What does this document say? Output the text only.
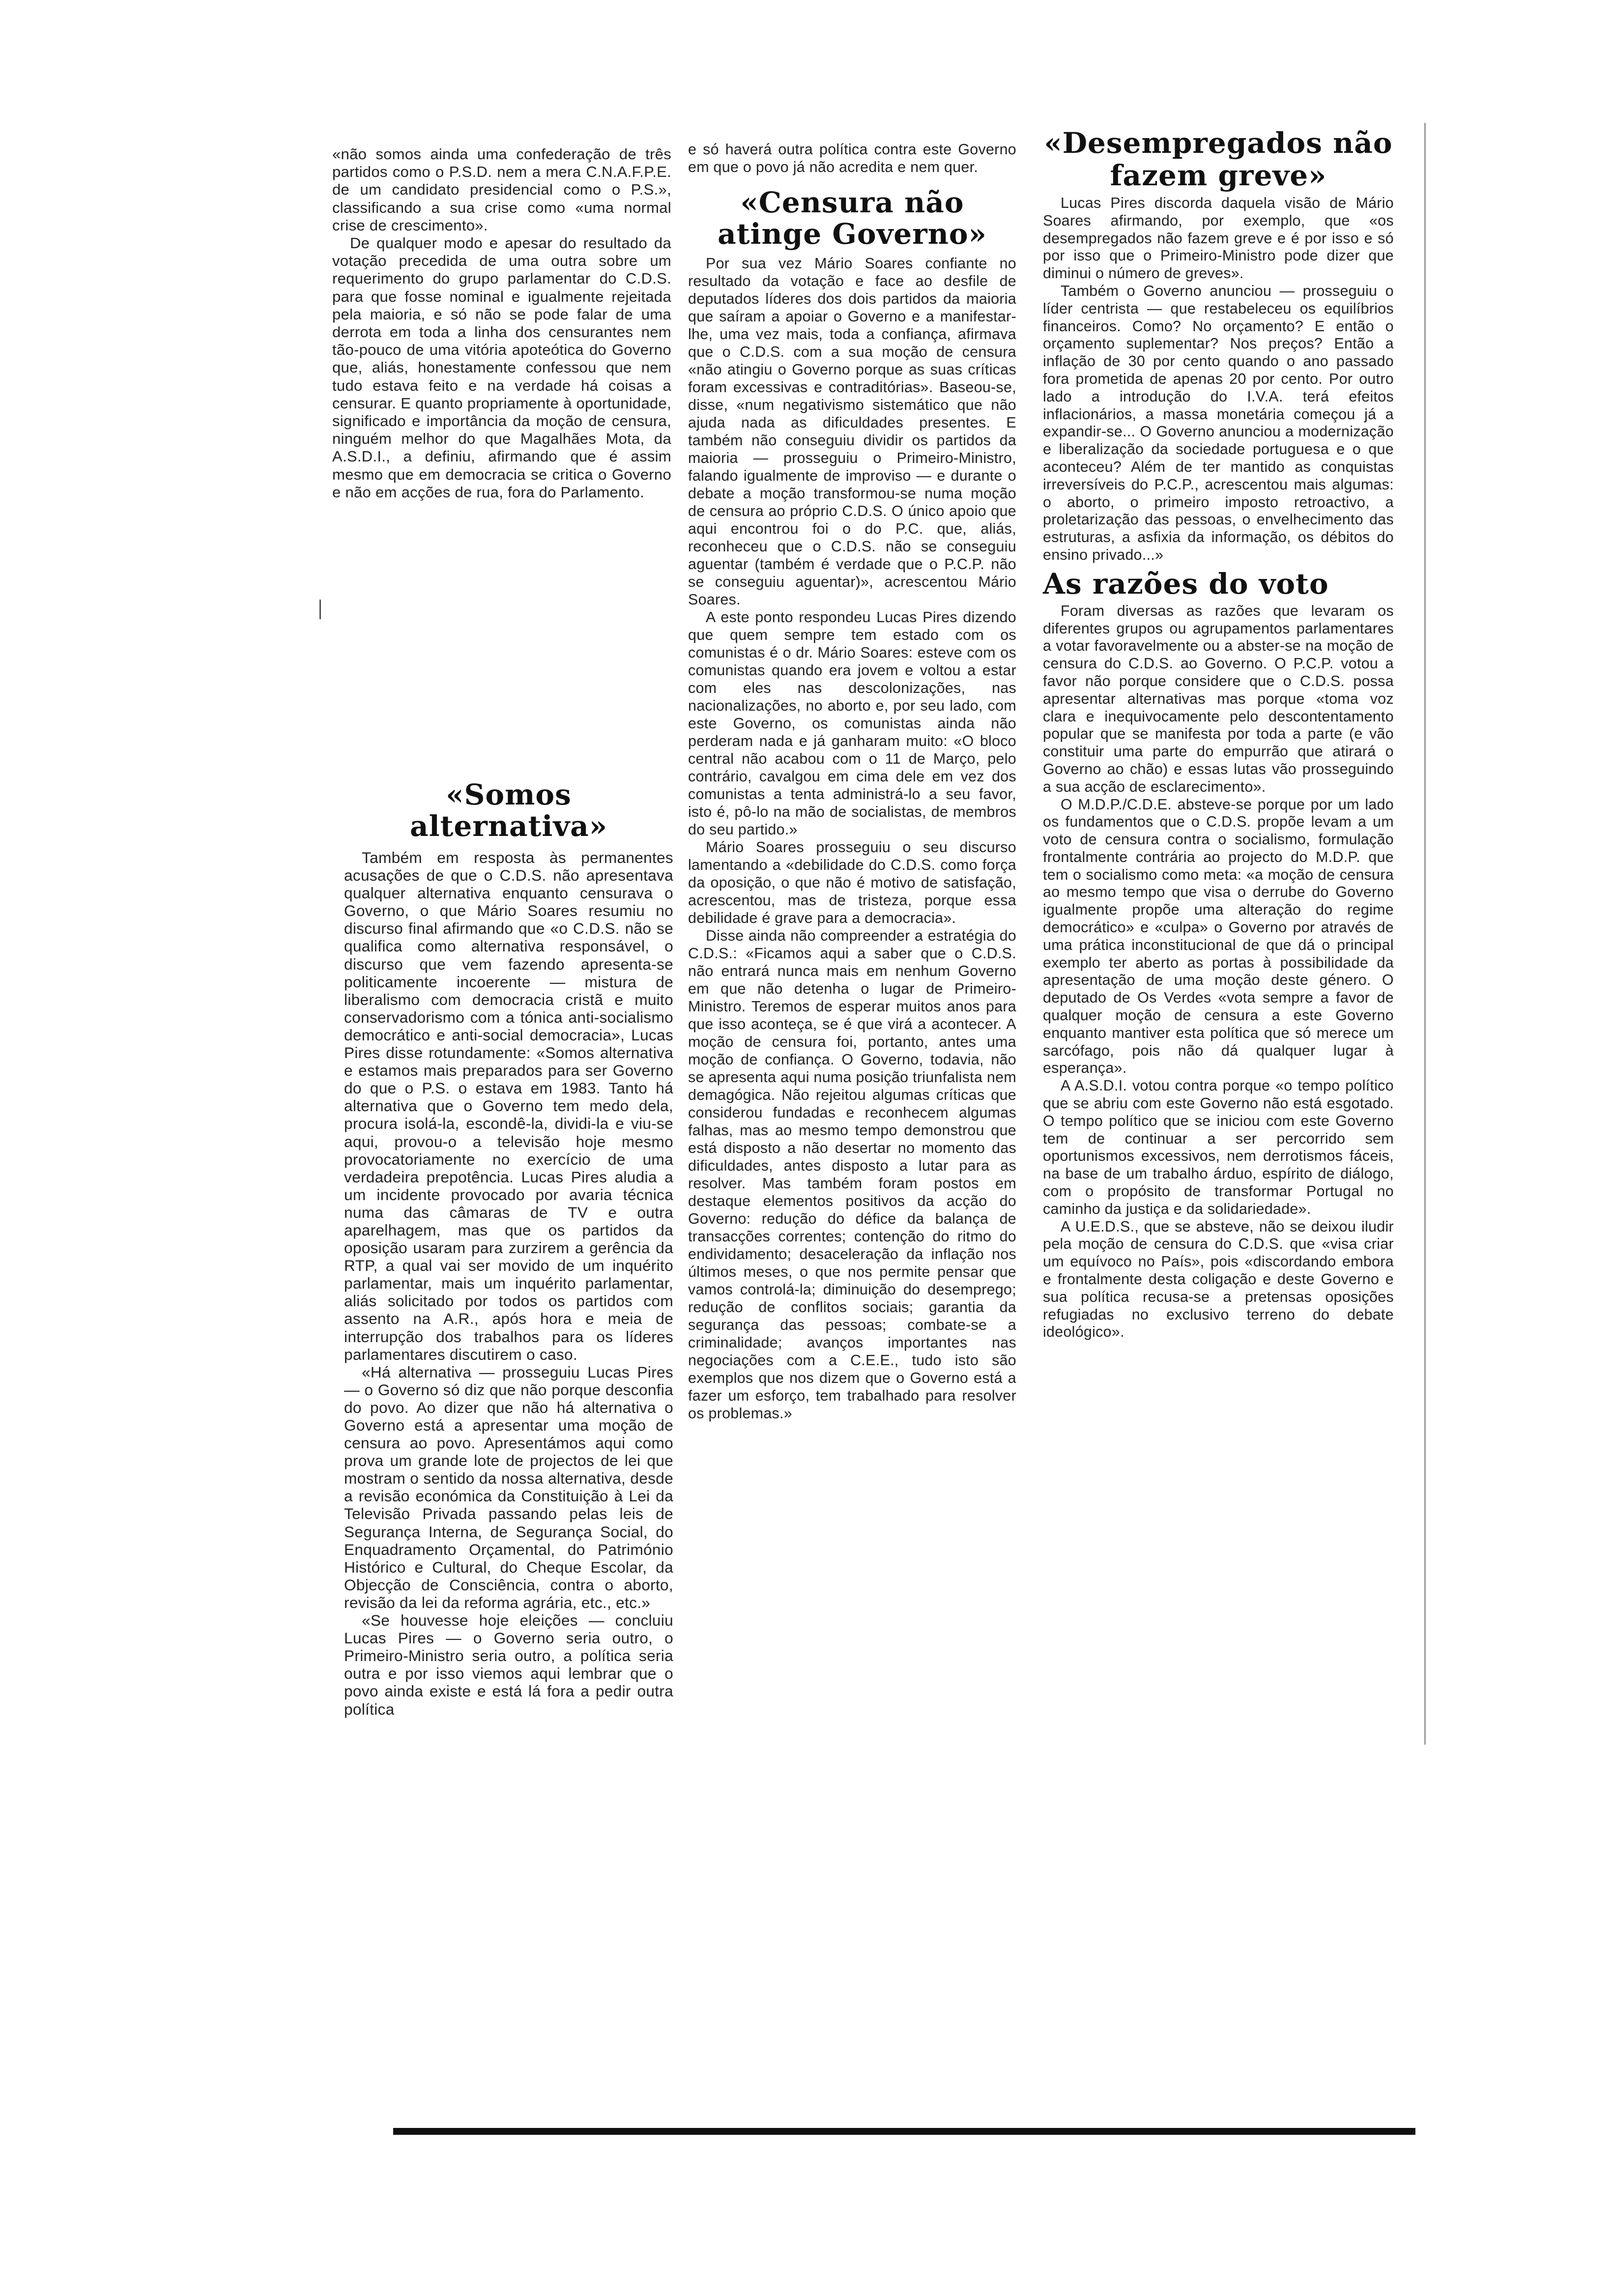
«não somos ainda uma confederação de três partidos como o P.S.D. nem a mera C.N.A.F.P.E. de um candidato presidencial como o P.S.», classificando a sua crise como «uma normal crise de crescimento».

De qualquer modo e apesar do resultado da votação precedida de uma outra sobre um requerimento do grupo parlamentar do C.D.S. para que fosse nominal e igualmente rejeitada pela maioria, e só não se pode falar de uma derrota em toda a linha dos censurantes nem tão-pouco de uma vitória apoteótica do Governo que, aliás, honestamente confessou que nem tudo estava feito e na verdade há coisas a censurar. E quanto propriamente à oportunidade, significado e importância da moção de censura, ninguém melhor do que Magalhães Mota, da A.S.D.I., a definiu, afirmando que é assim mesmo que em democracia se critica o Governo e não em acções de rua, fora do Parlamento.

«Somos alternativa»

Também em resposta às permanentes acusações de que o C.D.S. não apresentava qualquer alternativa enquanto censurava o Governo, o que Mário Soares resumiu no discurso final afirmando que «o C.D.S. não se qualifica como alternativa responsável, o discurso que vem fazendo apresenta-se politicamente incoerente — mistura de liberalismo com democracia cristã e muito conservadorismo com a tónica anti-socialismo democrático e anti-social democracia», Lucas Pires disse rotundamente: «Somos alternativa e estamos mais preparados para ser Governo do que o P.S. o estava em 1983. Tanto há alternativa que o Governo tem medo dela, procura isolá-la, escondê-la, dividi-la e viu-se aqui, provou-o a televisão hoje mesmo provocatoriamente no exercício de uma verdadeira prepotência. Lucas Pires aludia a um incidente provocado por avaria técnica numa das câmaras de TV e outra aparelhagem, mas que os partidos da oposição usaram para zurzirem a gerência da RTP, a qual vai ser movido de um inquérito parlamentar, mais um inquérito parlamentar, aliás solicitado por todos os partidos com assento na A.R., após hora e meia de interrupção dos trabalhos para os líderes parlamentares discutirem o caso.

«Há alternativa — prosseguiu Lucas Pires — o Governo só diz que não porque desconfia do povo. Ao dizer que não há alternativa o Governo está a apresentar uma moção de censura ao povo. Apresentámos aqui como prova um grande lote de projectos de lei que mostram o sentido da nossa alternativa, desde a revisão económica da Constituição à Lei da Televisão Privada passando pelas leis de Segurança Interna, de Segurança Social, do Enquadramento Orçamental, do Património Histórico e Cultural, do Cheque Escolar, da Objecção de Consciência, contra o aborto, revisão da lei da reforma agrária, etc., etc.»

«Se houvesse hoje eleições — concluiu Lucas Pires — o Governo seria outro, o Primeiro-Ministro seria outro, a política seria outra e por isso viemos aqui lembrar que o povo ainda existe e está lá fora a pedir outra política

e só haverá outra política contra este Governo em que o povo já não acredita e nem quer.

«Censura não atinge Governo»

Por sua vez Mário Soares confiante no resultado da votação e face ao desfile de deputados líderes dos dois partidos da maioria que saíram a apoiar o Governo e a manifestar-lhe, uma vez mais, toda a confiança, afirmava que o C.D.S. com a sua moção de censura «não atingiu o Governo porque as suas críticas foram excessivas e contraditórias». Baseou-se, disse, «num negativismo sistemático que não ajuda nada as dificuldades presentes. E também não conseguiu dividir os partidos da maioria — prosseguiu o Primeiro-Ministro, falando igualmente de improviso — e durante o debate a moção transformou-se numa moção de censura ao próprio C.D.S. O único apoio que aqui encontrou foi o do P.C. que, aliás, reconheceu que o C.D.S. não se conseguiu aguentar (também é verdade que o P.C.P. não se conseguiu aguentar)», acrescentou Mário Soares.

A este ponto respondeu Lucas Pires dizendo que quem sempre tem estado com os comunistas é o dr. Mário Soares: esteve com os comunistas quando era jovem e voltou a estar com eles nas descolonizações, nas nacionalizações, no aborto e, por seu lado, com este Governo, os comunistas ainda não perderam nada e já ganharam muito: «O bloco central não acabou com o 11 de Março, pelo contrário, cavalgou em cima dele em vez dos comunistas a tenta administrá-lo a seu favor, isto é, pô-lo na mão de socialistas, de membros do seu partido.»

Mário Soares prosseguiu o seu discurso lamentando a «debilidade do C.D.S. como força da oposição, o que não é motivo de satisfação, acrescentou, mas de tristeza, porque essa debilidade é grave para a democracia».

Disse ainda não compreender a estratégia do C.D.S.: «Ficamos aqui a saber que o C.D.S. não entrará nunca mais em nenhum Governo em que não detenha o lugar de Primeiro-Ministro. Teremos de esperar muitos anos para que isso aconteça, se é que virá a acontecer. A moção de censura foi, portanto, antes uma moção de confiança. O Governo, todavia, não se apresenta aqui numa posição triunfalista nem demagógica. Não rejeitou algumas críticas que considerou fundadas e reconhecem algumas falhas, mas ao mesmo tempo demonstrou que está disposto a não desertar no momento das dificuldades, antes disposto a lutar para as resolver. Mas também foram postos em destaque elementos positivos da acção do Governo: redução do défice da balança de transacções correntes; contenção do ritmo do endividamento; desaceleração da inflação nos últimos meses, o que nos permite pensar que vamos controlá-la; diminuição do desemprego; redução de conflitos sociais; garantia da segurança das pessoas; combate-se a criminalidade; avanços importantes nas negociações com a C.E.E., tudo isto são exemplos que nos dizem que o Governo está a fazer um esforço, tem trabalhado para resolver os problemas.»

«Desempregados não fazem greve»

Lucas Pires discorda daquela visão de Mário Soares afirmando, por exemplo, que «os desempregados não fazem greve e é por isso e só por isso que o Primeiro-Ministro pode dizer que diminui o número de greves».

Também o Governo anunciou — prosseguiu o líder centrista — que restabeleceu os equilíbrios financeiros. Como? No orçamento? E então o orçamento suplementar? Nos preços? Então a inflação de 30 por cento quando o ano passado fora prometida de apenas 20 por cento. Por outro lado a introdução do I.V.A. terá efeitos inflacionários, a massa monetária começou já a expandir-se... O Governo anunciou a modernização e liberalização da sociedade portuguesa e o que aconteceu? Além de ter mantido as conquistas irreversíveis do P.C.P., acrescentou mais algumas: o aborto, o primeiro imposto retroactivo, a proletarização das pessoas, o envelhecimento das estruturas, a asfixia da informação, os débitos do ensino privado...»

As razões do voto

Foram diversas as razões que levaram os diferentes grupos ou agrupamentos parlamentares a votar favoravelmente ou a abster-se na moção de censura do C.D.S. ao Governo. O P.C.P. votou a favor não porque considere que o C.D.S. possa apresentar alternativas mas porque «toma voz clara e inequivocamente pelo descontentamento popular que se manifesta por toda a parte (e vão constituir uma parte do empurrão que atirará o Governo ao chão) e essas lutas vão prosseguindo a sua acção de esclarecimento».

O M.D.P./C.D.E. absteve-se porque por um lado os fundamentos que o C.D.S. propõe levam a um voto de censura contra o socialismo, formulação frontalmente contrária ao projecto do M.D.P. que tem o socialismo como meta: «a moção de censura ao mesmo tempo que visa o derrube do Governo igualmente propõe uma alteração do regime democrático» e «culpa» o Governo por através de uma prática inconstitucional de que dá o principal exemplo ter aberto as portas à possibilidade da apresentação de uma moção deste género. O deputado de Os Verdes «vota sempre a favor de qualquer moção de censura a este Governo enquanto mantiver esta política que só merece um sarcófago, pois não dá qualquer lugar à esperança».

A A.S.D.I. votou contra porque «o tempo político que se abriu com este Governo não está esgotado. O tempo político que se iniciou com este Governo tem de continuar a ser percorrido sem oportunismos excessivos, nem derrotismos fáceis, na base de um trabalho árduo, espírito de diálogo, com o propósito de transformar Portugal no caminho da justiça e da solidariedade».

A U.E.D.S., que se absteve, não se deixou iludir pela moção de censura do C.D.S. que «visa criar um equívoco no País», pois «discordando embora e frontalmente desta coligação e deste Governo e sua política recusa-se a pretensas oposições refugiadas no exclusivo terreno do debate ideológico».
